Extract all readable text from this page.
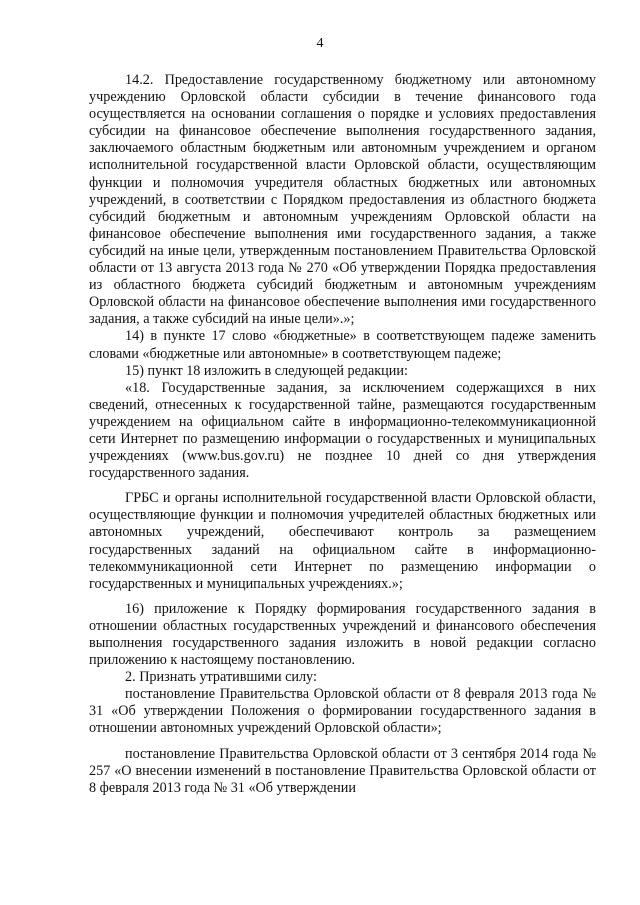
4

14.2. Предоставление государственному бюджетному или автономному учреждению Орловской области субсидии в течение финансового года осуществляется на основании соглашения о порядке и условиях предоставления субсидии на финансовое обеспечение выполнения государственного задания, заключаемого областным бюджетным или автономным учреждением и органом исполнительной государственной власти Орловской области, осуществляющим функции и полномочия учредителя областных бюджетных или автономных учреждений, в соответствии с Порядком предоставления из областного бюджета субсидий бюджетным и автономным учреждениям Орловской области на финансовое обеспечение выполнения ими государственного задания, а также субсидий на иные цели, утвержденным постановлением Правительства Орловской области от 13 августа 2013 года № 270 «Об утверждении Порядка предоставления из областного бюджета субсидий бюджетным и автономным учреждениям Орловской области на финансовое обеспечение выполнения ими государственного задания, а также субсидий на иные цели».»;

14) в пункте 17 слово «бюджетные» в соответствующем падеже заменить словами «бюджетные или автономные» в соответствующем падеже;

15) пункт 18 изложить в следующей редакции:

«18. Государственные задания, за исключением содержащихся в них сведений, отнесенных к государственной тайне, размещаются государственным учреждением на официальном сайте в информационно-телекоммуникационной сети Интернет по размещению информации о государственных и муниципальных учреждениях (www.bus.gov.ru) не позднее 10 дней со дня утверждения государственного задания.

ГРБС и органы исполнительной государственной власти Орловской области, осуществляющие функции и полномочия учредителей областных бюджетных или автономных учреждений, обеспечивают контроль за размещением государственных заданий на официальном сайте в информационно-телекоммуникационной сети Интернет по размещению информации о государственных и муниципальных учреждениях.»;

16) приложение к Порядку формирования государственного задания в отношении областных государственных учреждений и финансового обеспечения выполнения государственного задания изложить в новой редакции согласно приложению к настоящему постановлению.

2. Признать утратившими силу:

постановление Правительства Орловской области от 8 февраля 2013 года № 31 «Об утверждении Положения о формировании государственного задания в отношении автономных учреждений Орловской области»;

постановление Правительства Орловской области от 3 сентября 2014 года № 257 «О внесении изменений в постановление Правительства Орловской области от 8 февраля 2013 года № 31 «Об утверждении
